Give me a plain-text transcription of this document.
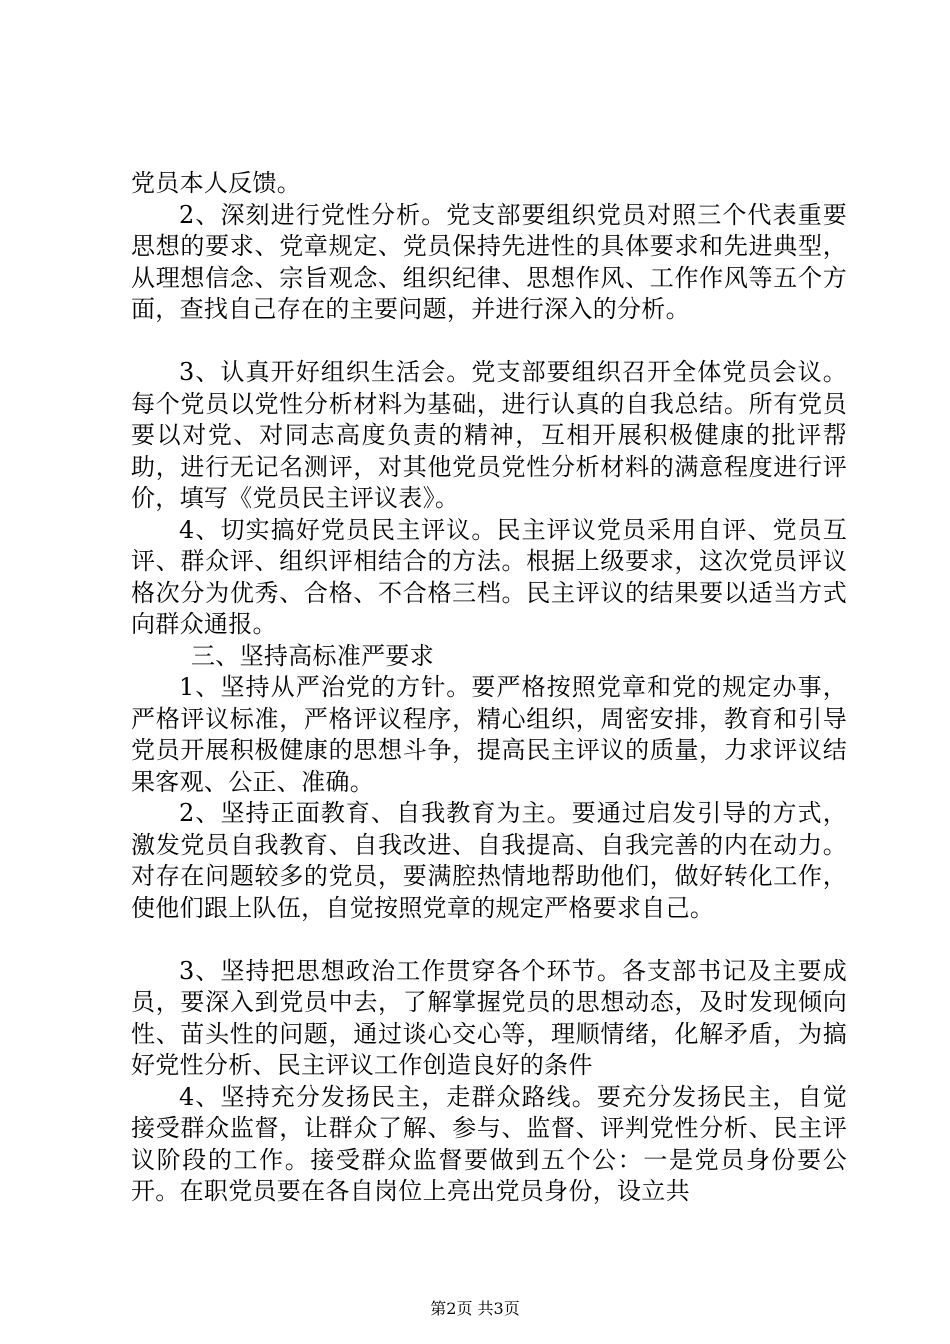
党员本人反馈。

2、深刻进行党性分析。党支部要组织党员对照三个代表重要思想的要求、党章规定、党员保持先进性的具体要求和先进典型，从理想信念、宗旨观念、组织纪律、思想作风、工作作风等五个方面，查找自己存在的主要问题，并进行深入的分析。

3、认真开好组织生活会。党支部要组织召开全体党员会议。每个党员以党性分析材料为基础，进行认真的自我总结。所有党员要以对党、对同志高度负责的精神，互相开展积极健康的批评帮助，进行无记名测评，对其他党员党性分析材料的满意程度进行评价，填写《党员民主评议表》。

4、切实搞好党员民主评议。民主评议党员采用自评、党员互评、群众评、组织评相结合的方法。根据上级要求，这次党员评议格次分为优秀、合格、不合格三档。民主评议的结果要以适当方式向群众通报。

三、坚持高标准严要求

1、坚持从严治党的方针。要严格按照党章和党的规定办事，严格评议标准，严格评议程序，精心组织，周密安排，教育和引导党员开展积极健康的思想斗争，提高民主评议的质量，力求评议结果客观、公正、准确。

2、坚持正面教育、自我教育为主。要通过启发引导的方式，激发党员自我教育、自我改进、自我提高、自我完善的内在动力。对存在问题较多的党员，要满腔热情地帮助他们，做好转化工作，使他们跟上队伍，自觉按照党章的规定严格要求自己。

3、坚持把思想政治工作贯穿各个环节。各支部书记及主要成员，要深入到党员中去，了解掌握党员的思想动态，及时发现倾向性、苗头性的问题，通过谈心交心等，理顺情绪，化解矛盾，为搞好党性分析、民主评议工作创造良好的条件

4、坚持充分发扬民主，走群众路线。要充分发扬民主，自觉接受群众监督，让群众了解、参与、监督、评判党性分析、民主评议阶段的工作。接受群众监督要做到五个公：一是党员身份要公开。在职党员要在各自岗位上亮出党员身份，设立共

第2页 共3页
